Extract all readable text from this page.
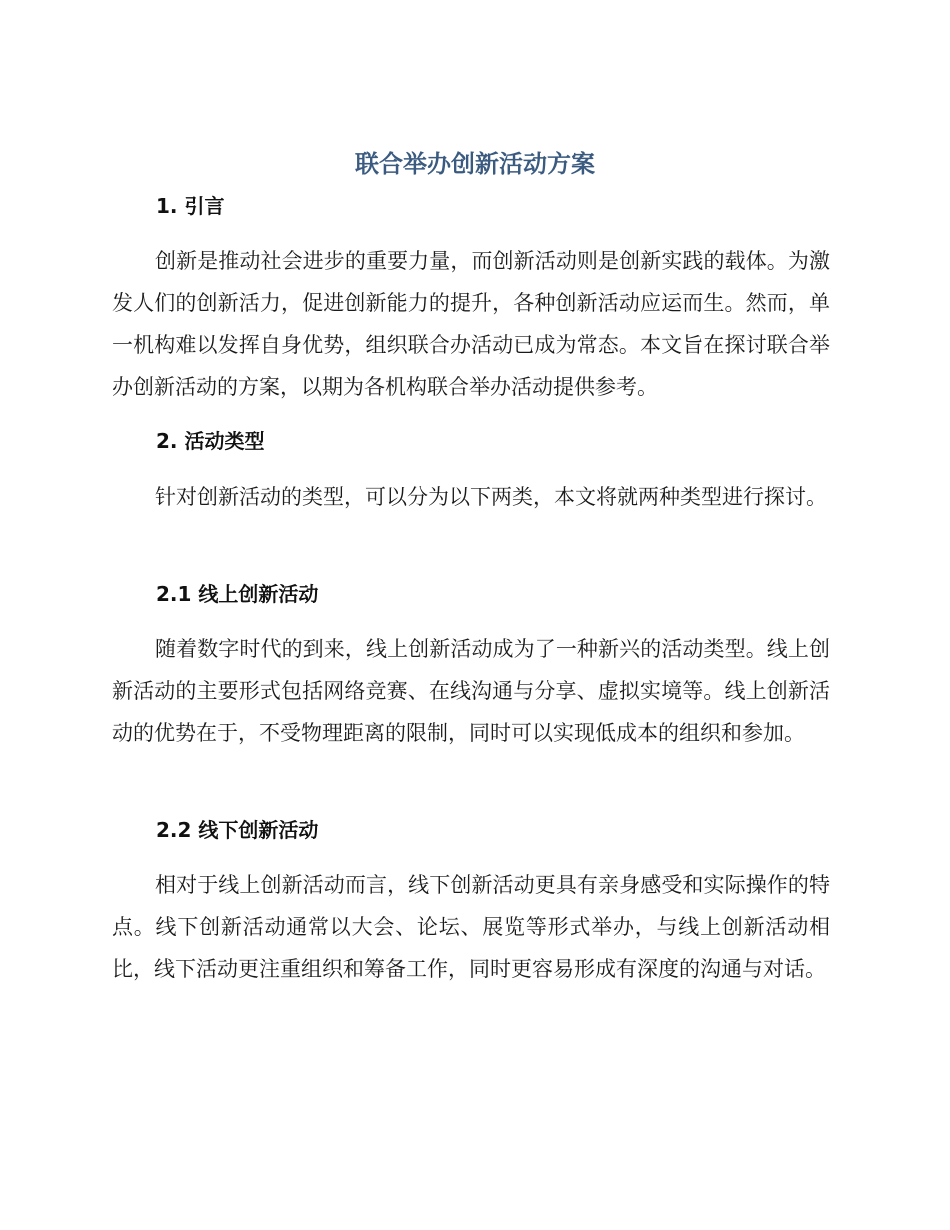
联合举办创新活动方案
1. 引言

创新是推动社会进步的重要力量，而创新活动则是创新实践的载体。为激发人们的创新活力，促进创新能力的提升，各种创新活动应运而生。然而，单一机构难以发挥自身优势，组织联合办活动已成为常态。本文旨在探讨联合举办创新活动的方案，以期为各机构联合举办活动提供参考。

2. 活动类型

针对创新活动的类型，可以分为以下两类，本文将就两种类型进行探讨。

2.1 线上创新活动

随着数字时代的到来，线上创新活动成为了一种新兴的活动类型。线上创新活动的主要形式包括网络竞赛、在线沟通与分享、虚拟实境等。线上创新活动的优势在于，不受物理距离的限制，同时可以实现低成本的组织和参加。

2.2 线下创新活动

相对于线上创新活动而言，线下创新活动更具有亲身感受和实际操作的特点。线下创新活动通常以大会、论坛、展览等形式举办，与线上创新活动相比，线下活动更注重组织和筹备工作，同时更容易形成有深度的沟通与对话。
